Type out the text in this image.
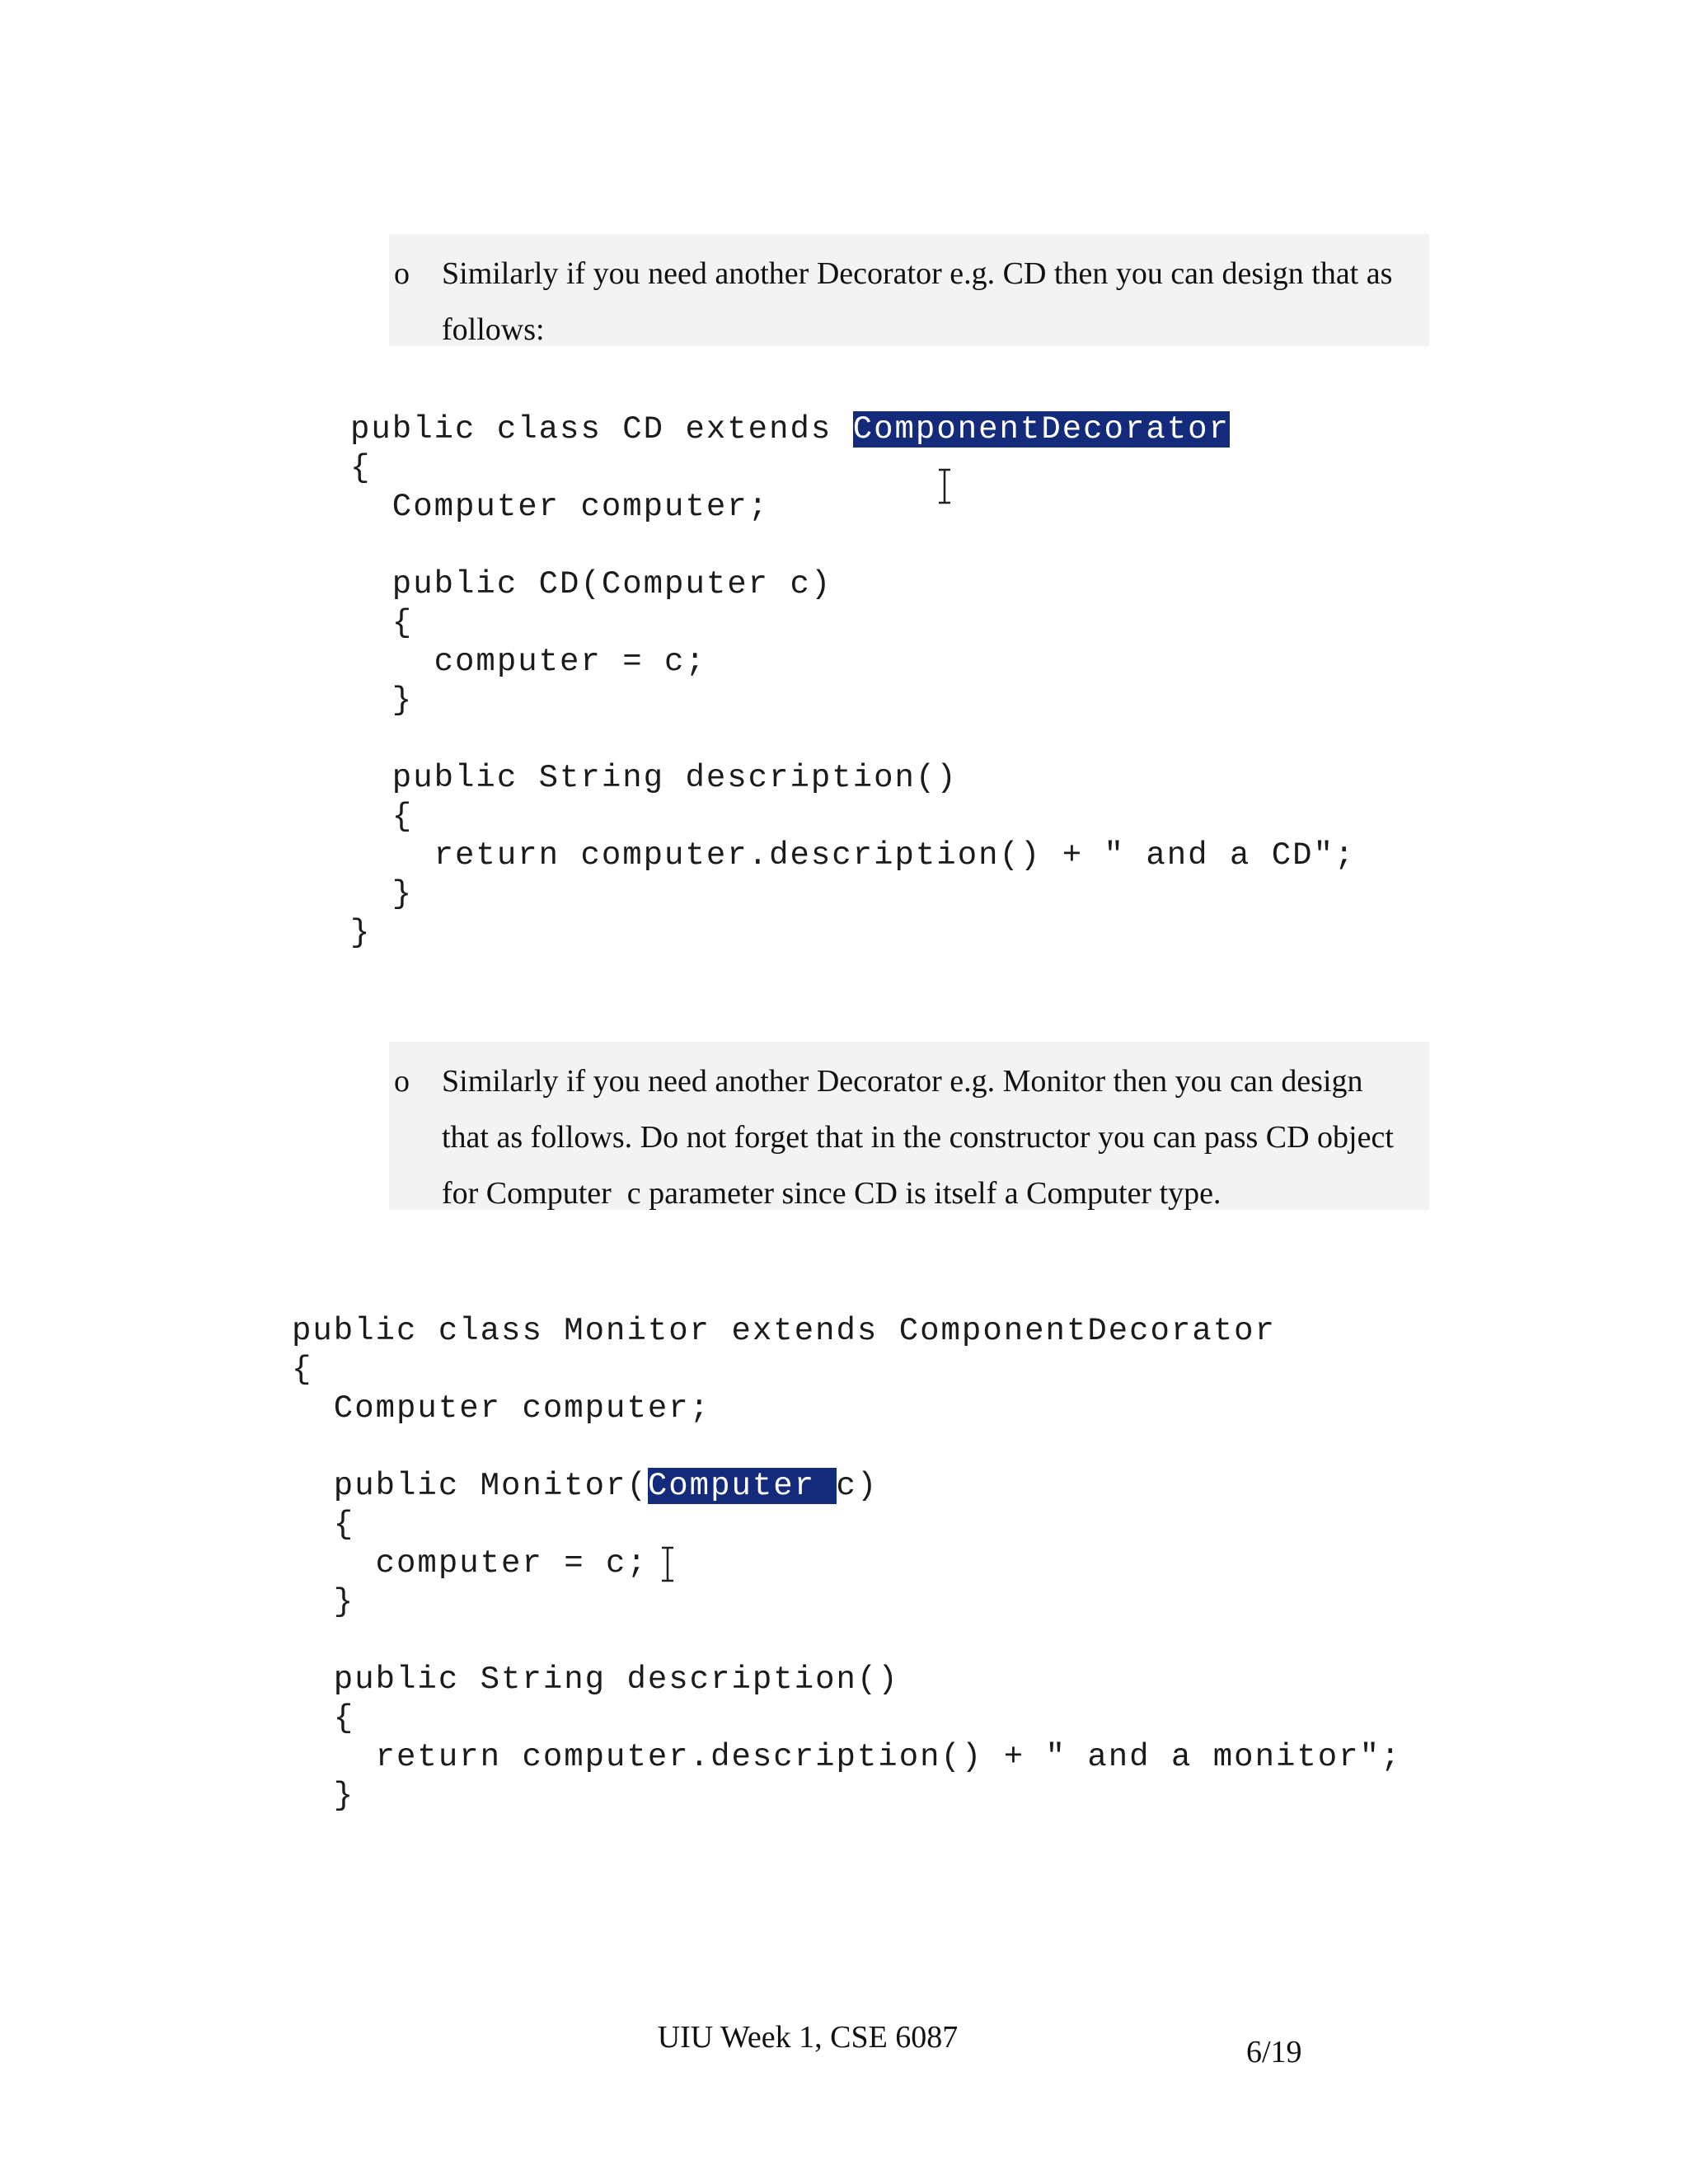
o Similarly if you need another Decorator e.g. CD then you can design that as follows:
public class CD extends ComponentDecorator
{
Computer computer;
public CD(Computer c)
{
computer = c;
}
public String description()
{
return computer.description() + " and a CD";
}
}
o Similarly if you need another Decorator e.g. Monitor then you can design that as follows. Do not forget that in the constructor you can pass CD object for Computer  c parameter since CD is itself a Computer type.
public class Monitor extends ComponentDecorator
{
Computer computer;
public Monitor(Computer c)
{
computer = c;
}
public String description()
{
return computer.description() + " and a monitor";
}
UIU Week 1, CSE 6087	6/19
